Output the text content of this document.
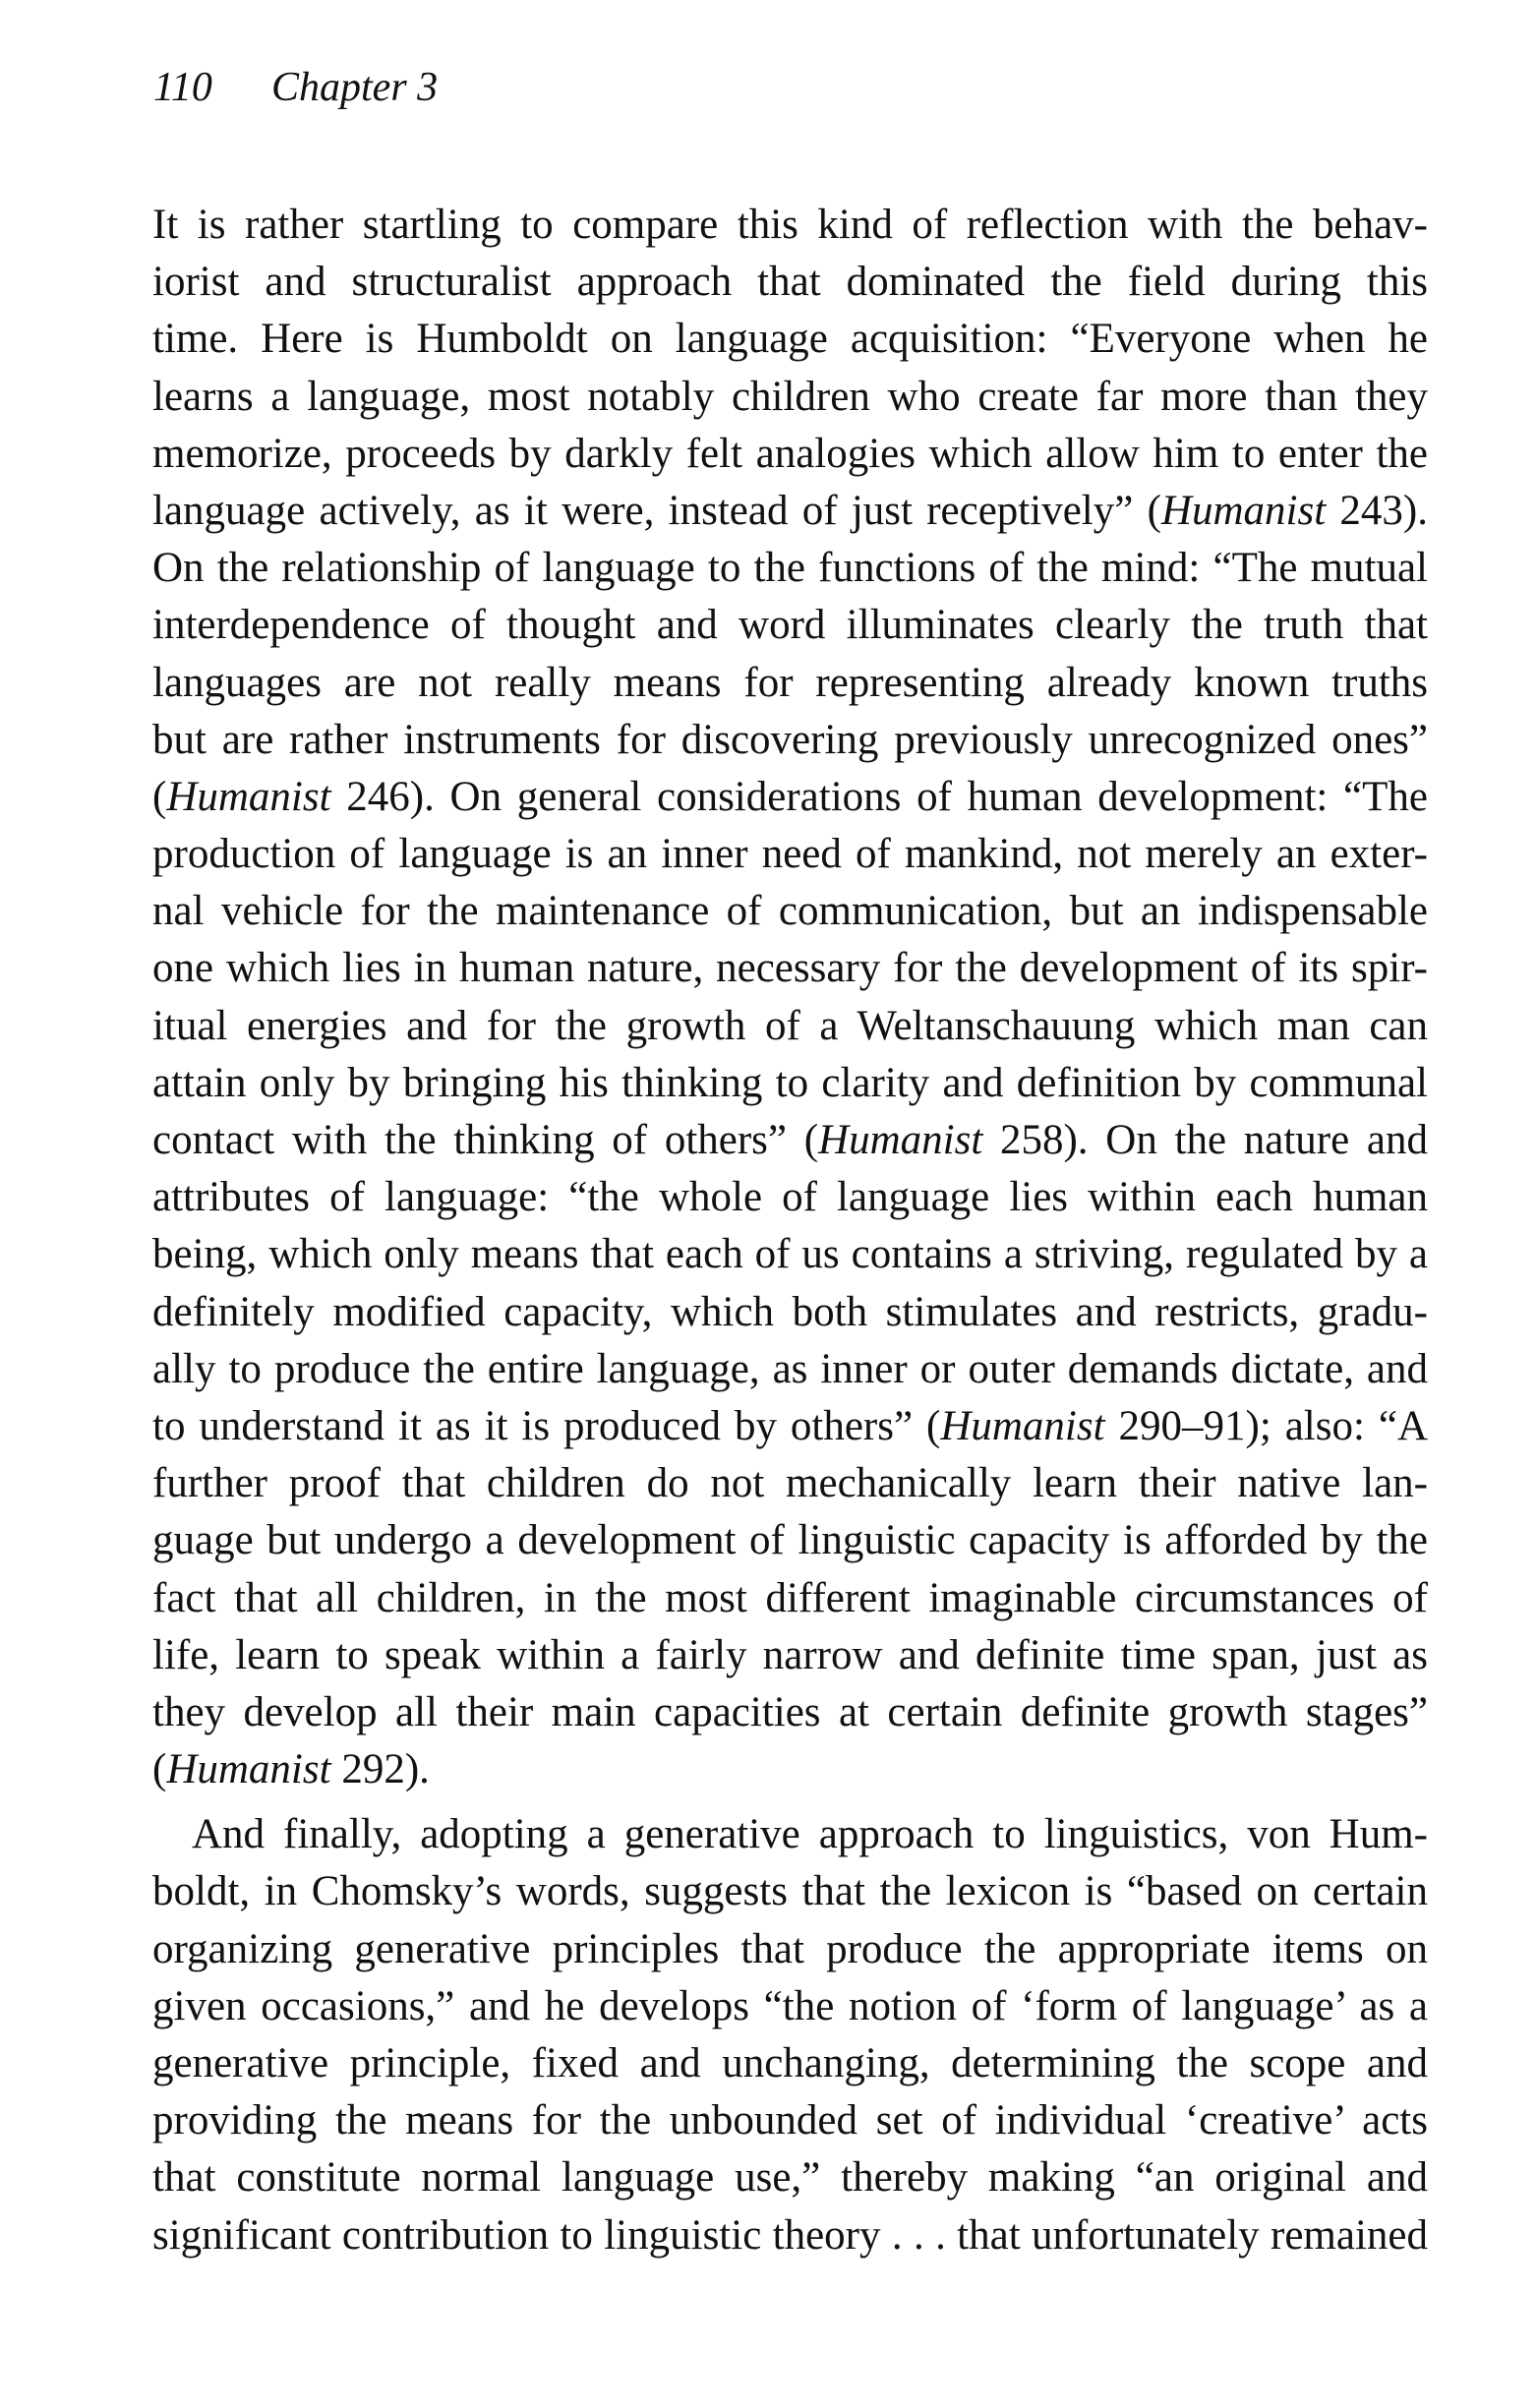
110 Chapter 3
It is rather startling to compare this kind of reflection with the behav-
iorist and structuralist approach that dominated the field during this
time. Here is Humboldt on language acquisition: “Everyone when he
learns a language, most notably children who create far more than they
memorize, proceeds by darkly felt analogies which allow him to enter the
language actively, as it were, instead of just receptively” (Humanist 243).
On the relationship of language to the functions of the mind: “The mutual
interdependence of thought and word illuminates clearly the truth that
languages are not really means for representing already known truths
but are rather instruments for discovering previously unrecognized ones”
(Humanist 246). On general considerations of human development: “The
production of language is an inner need of mankind, not merely an exter-
nal vehicle for the maintenance of communication, but an indispensable
one which lies in human nature, necessary for the development of its spir-
itual energies and for the growth of a Weltanschauung which man can
attain only by bringing his thinking to clarity and definition by communal
contact with the thinking of others” (Humanist 258). On the nature and
attributes of language: “the whole of language lies within each human
being, which only means that each of us contains a striving, regulated by a
definitely modified capacity, which both stimulates and restricts, gradu-
ally to produce the entire language, as inner or outer demands dictate, and
to understand it as it is produced by others” (Humanist 290–91); also: “A
further proof that children do not mechanically learn their native lan-
guage but undergo a development of linguistic capacity is afforded by the
fact that all children, in the most different imaginable circumstances of
life, learn to speak within a fairly narrow and definite time span, just as
they develop all their main capacities at certain definite growth stages”
(Humanist 292).
And finally, adopting a generative approach to linguistics, von Hum-
boldt, in Chomsky’s words, suggests that the lexicon is “based on certain
organizing generative principles that produce the appropriate items on
given occasions,” and he develops “the notion of ‘form of language’ as a
generative principle, fixed and unchanging, determining the scope and
providing the means for the unbounded set of individual ‘creative’ acts
that constitute normal language use,” thereby making “an original and
significant contribution to linguistic theory . . . that unfortunately remained
